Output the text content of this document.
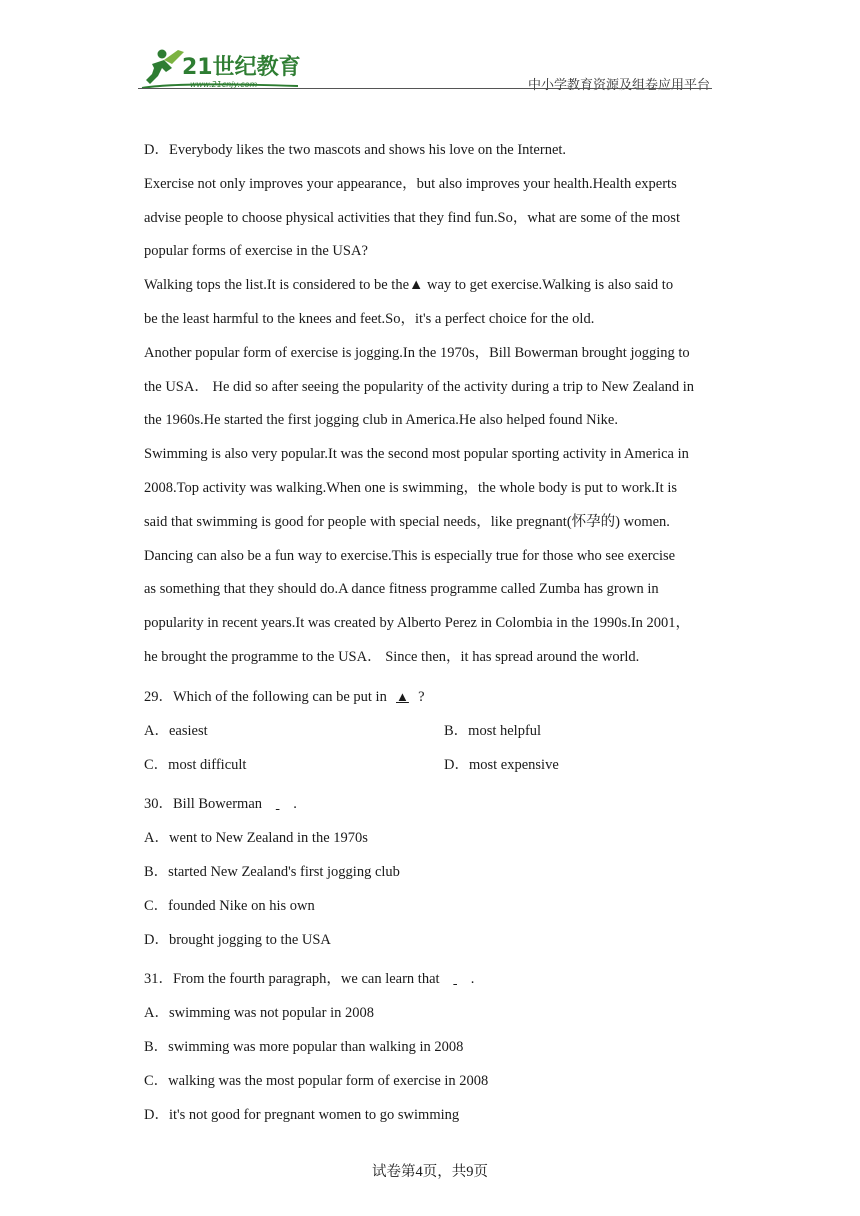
21世纪教育
www.21cnjy.com	中小学教育资源及组卷应用平台
D．Everybody likes the two mascots and shows his love on the Internet.
Exercise not only improves your appearance，but also improves your health.Health experts
advise people to choose physical activities that they find fun.So，what are some of the most
popular forms of exercise in the USA?
Walking tops the list.It is considered to be the▲ way to get exercise.Walking is also said to
be the least harmful to the knees and feet.So，it's a perfect choice for the old.
Another popular form of exercise is jogging.In the 1970s，Bill Bowerman brought jogging to
the USA． He did so after seeing the popularity of the activity during a trip to New Zealand in
the 1960s.He started the first jogging club in America.He also helped found Nike.
Swimming is also very popular.It was the second most popular sporting activity in America in
2008.Top activity was walking.When one is swimming，the whole body is put to work.It is
said that swimming is good for people with special needs，like pregnant(怀孕的) women.
Dancing can also be a fun way to exercise.This is especially true for those who see exercise
as something that they should do.A dance fitness programme called Zumba has grown in
popularity in recent years.It was created by Alberto Perez in Colombia in the 1990s.In 2001，
he brought the programme to the USA． Since then，it has spread around the world.
29．Which of the following can be put in ▲ ?
A．easiest	B．most helpful
C．most difficult	D．most expensive
30．Bill Bowerman .
A．went to New Zealand in the 1970s
B．started New Zealand's first jogging club
C．founded Nike on his own
D．brought jogging to the USA
31．From the fourth paragraph，we can learn that .
A．swimming was not popular in 2008
B．swimming was more popular than walking in 2008
C．walking was the most popular form of exercise in 2008
D．it's not good for pregnant women to go swimming
试卷第4页，共9页
